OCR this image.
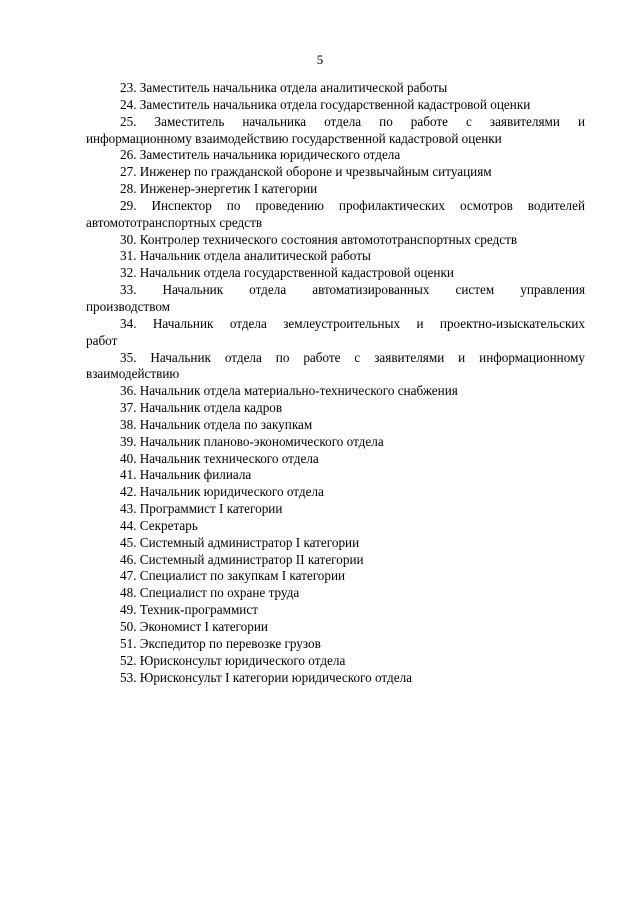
5

23. Заместитель начальника отдела аналитической работы

24. Заместитель начальника отдела государственной кадастровой оценки

25. Заместитель начальника отдела по работе с заявителями и
информационному взаимодействию государственной кадастровой оценки

26. Заместитель начальника юридического отдела

27. Инженер по гражданской обороне и чрезвычайным ситуациям

28. Инженер-энергетик I категории

29. Инспектор по проведению профилактических осмотров водителей
автомототранспортных средств

30. Контролер технического состояния автомототранспортных средств

31. Начальник отдела аналитической работы

32. Начальник отдела государственной кадастровой оценки

33. Начальник отдела автоматизированных систем управления
производством

34. Начальник отдела землеустроительных и проектно-изыскательских
работ

35. Начальник отдела по работе с заявителями и информационному
взаимодействию

36. Начальник отдела материально-технического снабжения

37. Начальник отдела кадров

38. Начальник отдела по закупкам

39. Начальник планово-экономического отдела

40. Начальник технического отдела

41. Начальник филиала

42. Начальник юридического отдела

43. Программист I категории

44. Секретарь

45. Системный администратор I категории

46. Системный администратор II категории

47. Специалист по закупкам I категории

48. Специалист по охране труда

49. Техник-программист

50. Экономист I категории

51. Экспедитор по перевозке грузов

52. Юрисконсульт юридического отдела

53. Юрисконсульт I категории юридического отдела
